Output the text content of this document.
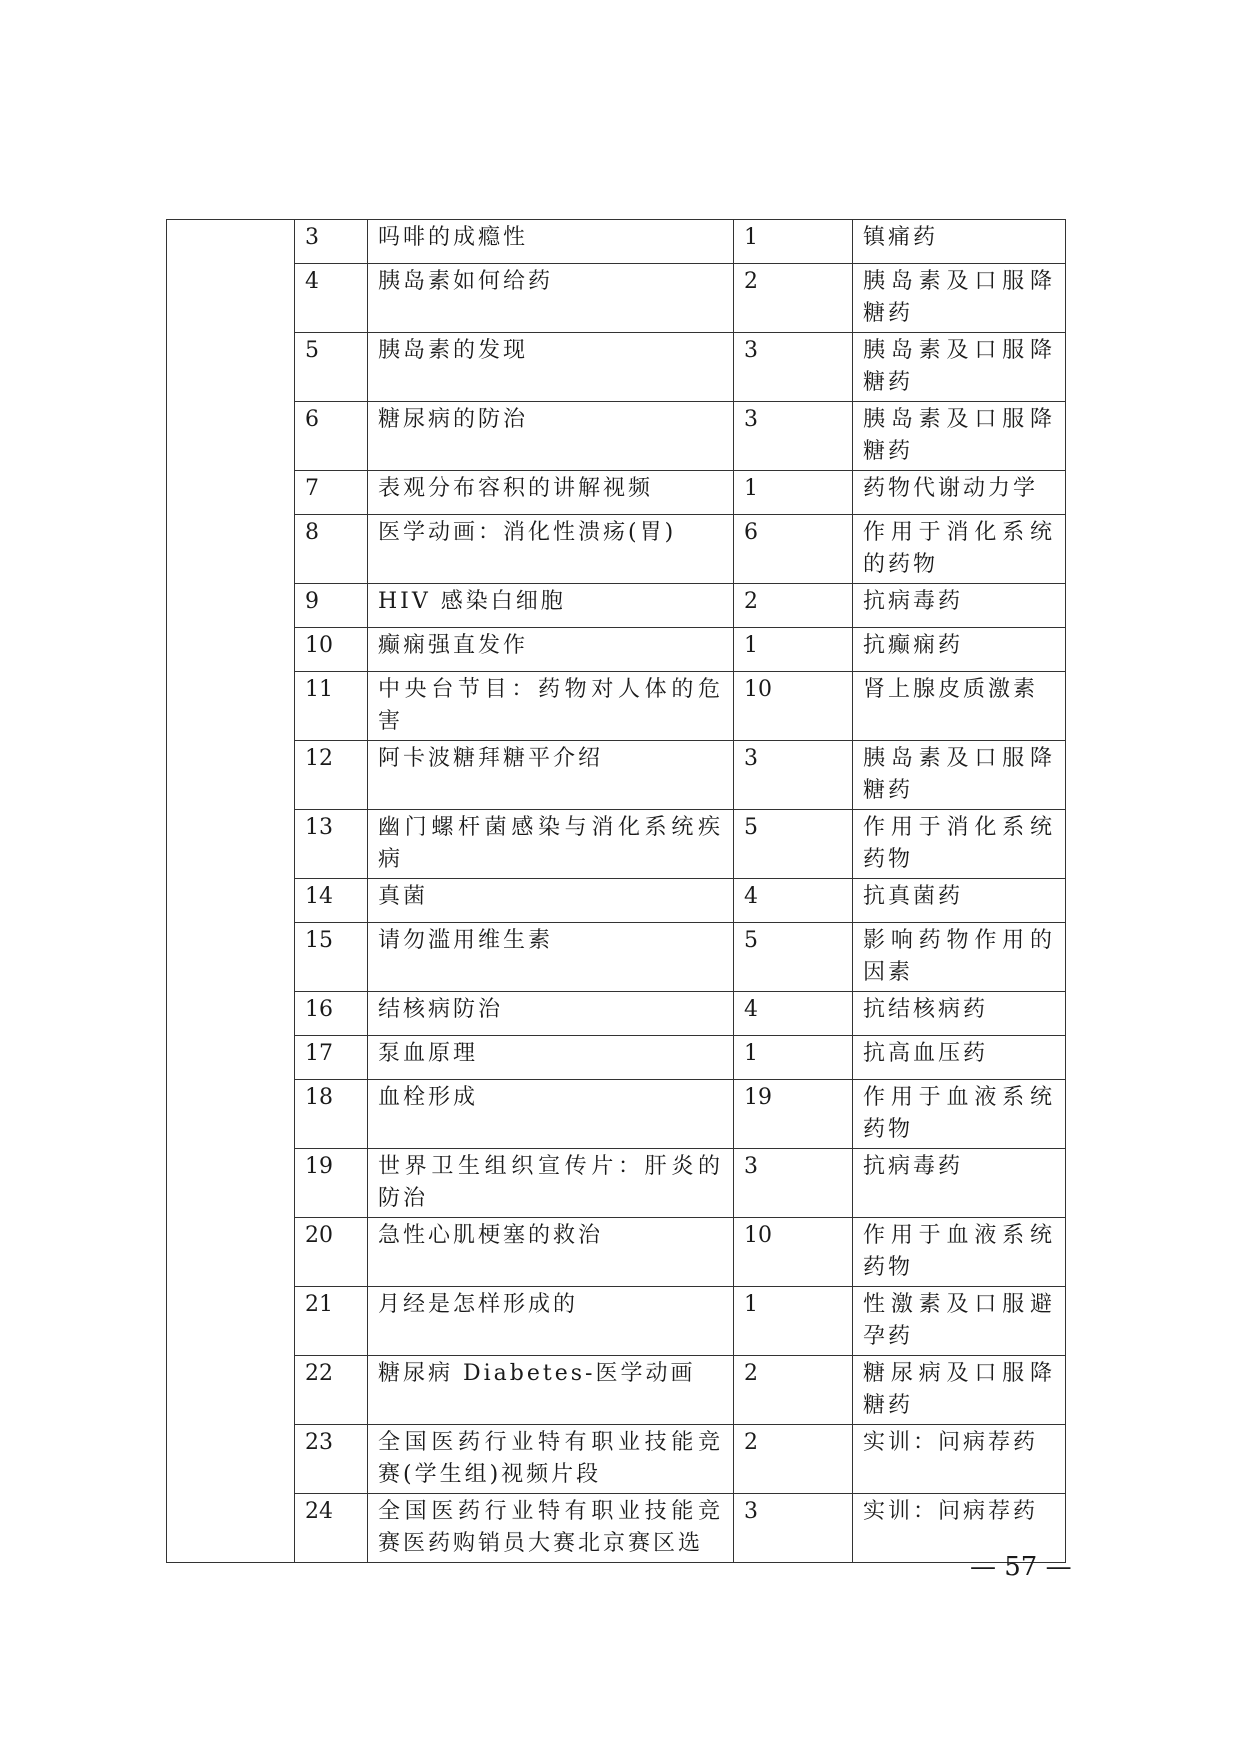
	3	吗啡的成瘾性	1	镇痛药
	4	胰岛素如何给药	2	胰岛素及口服降糖药
	5	胰岛素的发现	3	胰岛素及口服降糖药
	6	糖尿病的防治	3	胰岛素及口服降糖药
	7	表观分布容积的讲解视频	1	药物代谢动力学
	8	医学动画：消化性溃疡(胃)	6	作用于消化系统的药物
	9	HIV 感染白细胞	2	抗病毒药
	10	癫痫强直发作	1	抗癫痫药
	11	中央台节目：药物对人体的危害	10	肾上腺皮质激素
	12	阿卡波糖拜糖平介绍	3	胰岛素及口服降糖药
	13	幽门螺杆菌感染与消化系统疾病	5	作用于消化系统药物
	14	真菌	4	抗真菌药
	15	请勿滥用维生素	5	影响药物作用的因素
	16	结核病防治	4	抗结核病药
	17	泵血原理	1	抗高血压药
	18	血栓形成	19	作用于血液系统药物
	19	世界卫生组织宣传片：肝炎的防治	3	抗病毒药
	20	急性心肌梗塞的救治	10	作用于血液系统药物
	21	月经是怎样形成的	1	性激素及口服避孕药
	22	糖尿病 Diabetes-医学动画	2	糖尿病及口服降糖药
	23	全国医药行业特有职业技能竞赛(学生组)视频片段	2	实训：问病荐药
	24	全国医药行业特有职业技能竞赛医药购销员大赛北京赛区选	3	实训：问病荐药
— 57 —
